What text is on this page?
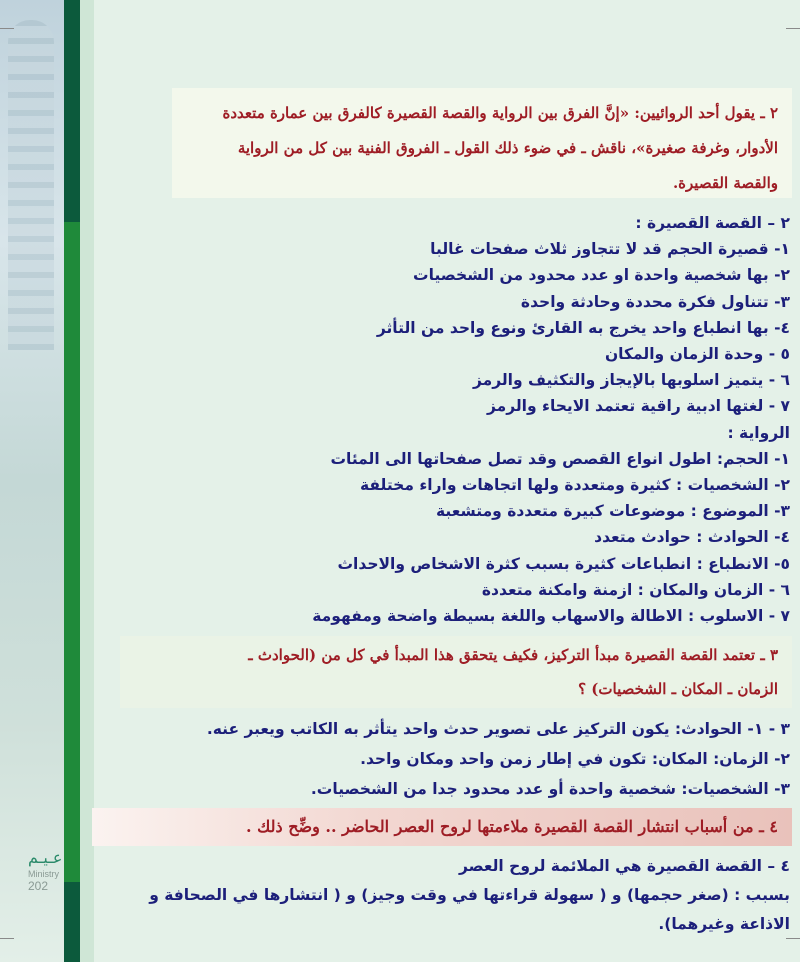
عـيـم
Ministry
202
٢ ـ يقول أحد الروائيين: «إنَّ الفرق بين الرواية والقصة القصيرة كالفرق بين عمارة متعددة
الأدوار، وغرفة صغيرة»، ناقش ـ في ضوء ذلك القول ـ الفروق الفنية بين كل من الرواية
والقصة القصيرة.
٢ – القصة القصيرة :
١- قصيرة الحجم قد لا تتجاوز ثلاث صفحات غالبا
٢- بها شخصية واحدة او عدد محدود من الشخصيات
٣- تتناول فكرة محددة وحادثة واحدة
٤- بها انطباع واحد يخرج به القارئ ونوع واحد من التأثر
٥ - وحدة الزمان والمكان
٦ - يتميز اسلوبها بالإيجاز والتكثيف والرمز
٧ - لغتها ادبية راقية تعتمد الايحاء والرمز
الرواية :
١- الحجم: اطول انواع القصص وقد تصل صفحاتها الى المئات
٢- الشخصيات : كثيرة ومتعددة ولها اتجاهات واراء مختلفة
٣- الموضوع : موضوعات كبيرة متعددة ومتشعبة
٤- الحوادث : حوادث متعدد
٥- الانطباع : انطباعات كثيرة بسبب كثرة الاشخاص والاحداث
٦ - الزمان والمكان : ازمنة وامكنة متعددة
٧ - الاسلوب : الاطالة والاسهاب واللغة بسيطة واضحة ومفهومة
٣ ـ تعتمد القصة القصيرة مبدأ التركيز، فكيف يتحقق هذا المبدأ في كل من (الحوادث ـ
الزمان ـ المكان ـ الشخصيات) ؟
٣ - ١- الحوادث: يكون التركيز على تصوير حدث واحد يتأثر به الكاتب ويعبر عنه.
٢- الزمان: المكان: تكون في إطار زمن واحد ومكان واحد.
٣- الشخصيات: شخصية واحدة أو عدد محدود جدا من الشخصيات.
٤ ـ من أسباب انتشار القصة القصيرة ملاءمتها لروح العصر الحاضر .. وضِّح ذلك .
٤ – القصة القصيرة هي الملائمة لروح العصر
بسبب : (صغر حجمها) و ( سهولة قراءتها في وقت وجيز) و ( انتشارها في الصحافة و
الاذاعة وغيرهما).
